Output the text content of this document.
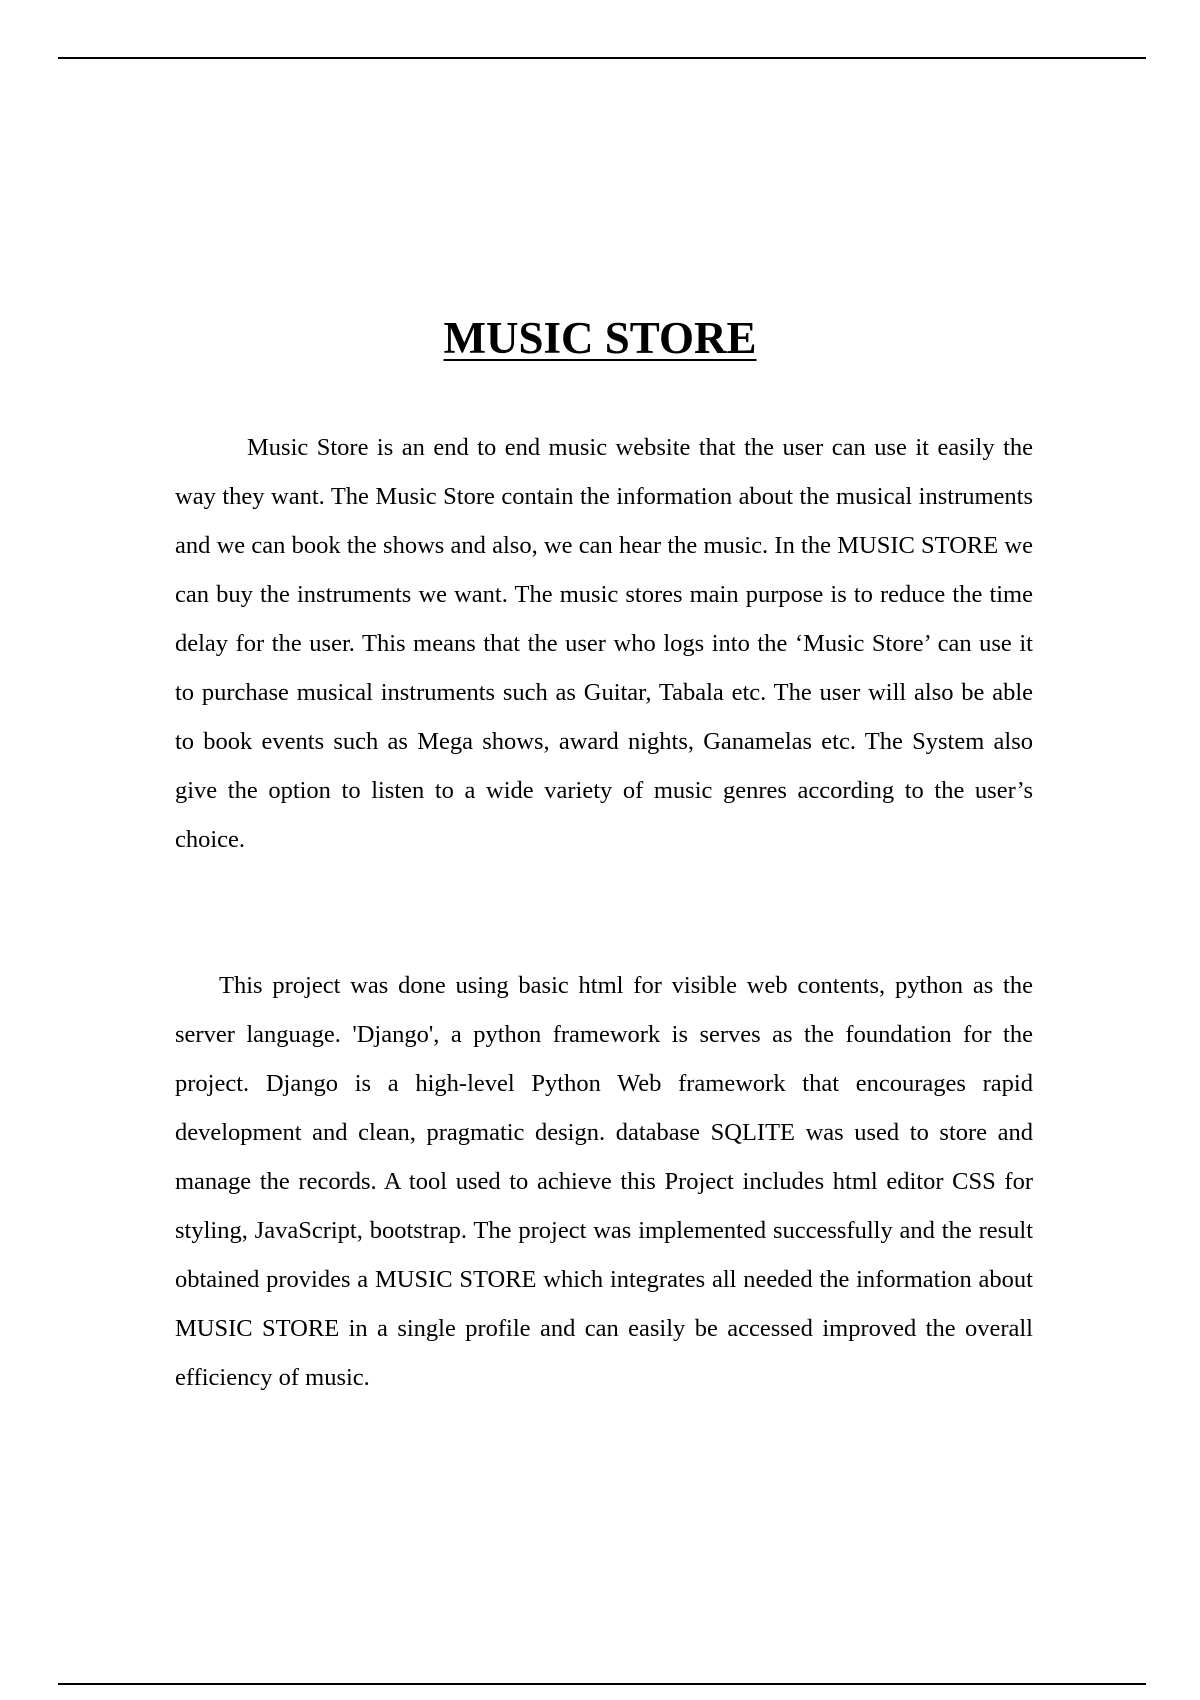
MUSIC STORE

Music Store is an end to end music website that the user can use it easily the way they want. The Music Store contain the information about the musical instruments and we can book the shows and also, we can hear the music. In the MUSIC STORE we can buy the instruments we want. The music stores main purpose is to reduce the time delay for the user. This means that the user who logs into the ‘Music Store’ can use it to purchase musical instruments such as Guitar, Tabala etc. The user will also be able to book events such as Mega shows, award nights, Ganamelas etc. The System also give the option to listen to a wide variety of music genres according to the user’s choice.

This project was done using basic html for visible web contents, python as the server language. 'Django', a python framework is serves as the foundation for the project. Django is a high-level Python Web framework that encourages rapid development and clean, pragmatic design. database SQLITE was used to store and manage the records. A tool used to achieve this Project includes html editor CSS for styling, JavaScript, bootstrap. The project was implemented successfully and the result obtained provides a MUSIC STORE which integrates all needed the information about MUSIC STORE in a single profile and can easily be accessed improved the overall efficiency of music.
